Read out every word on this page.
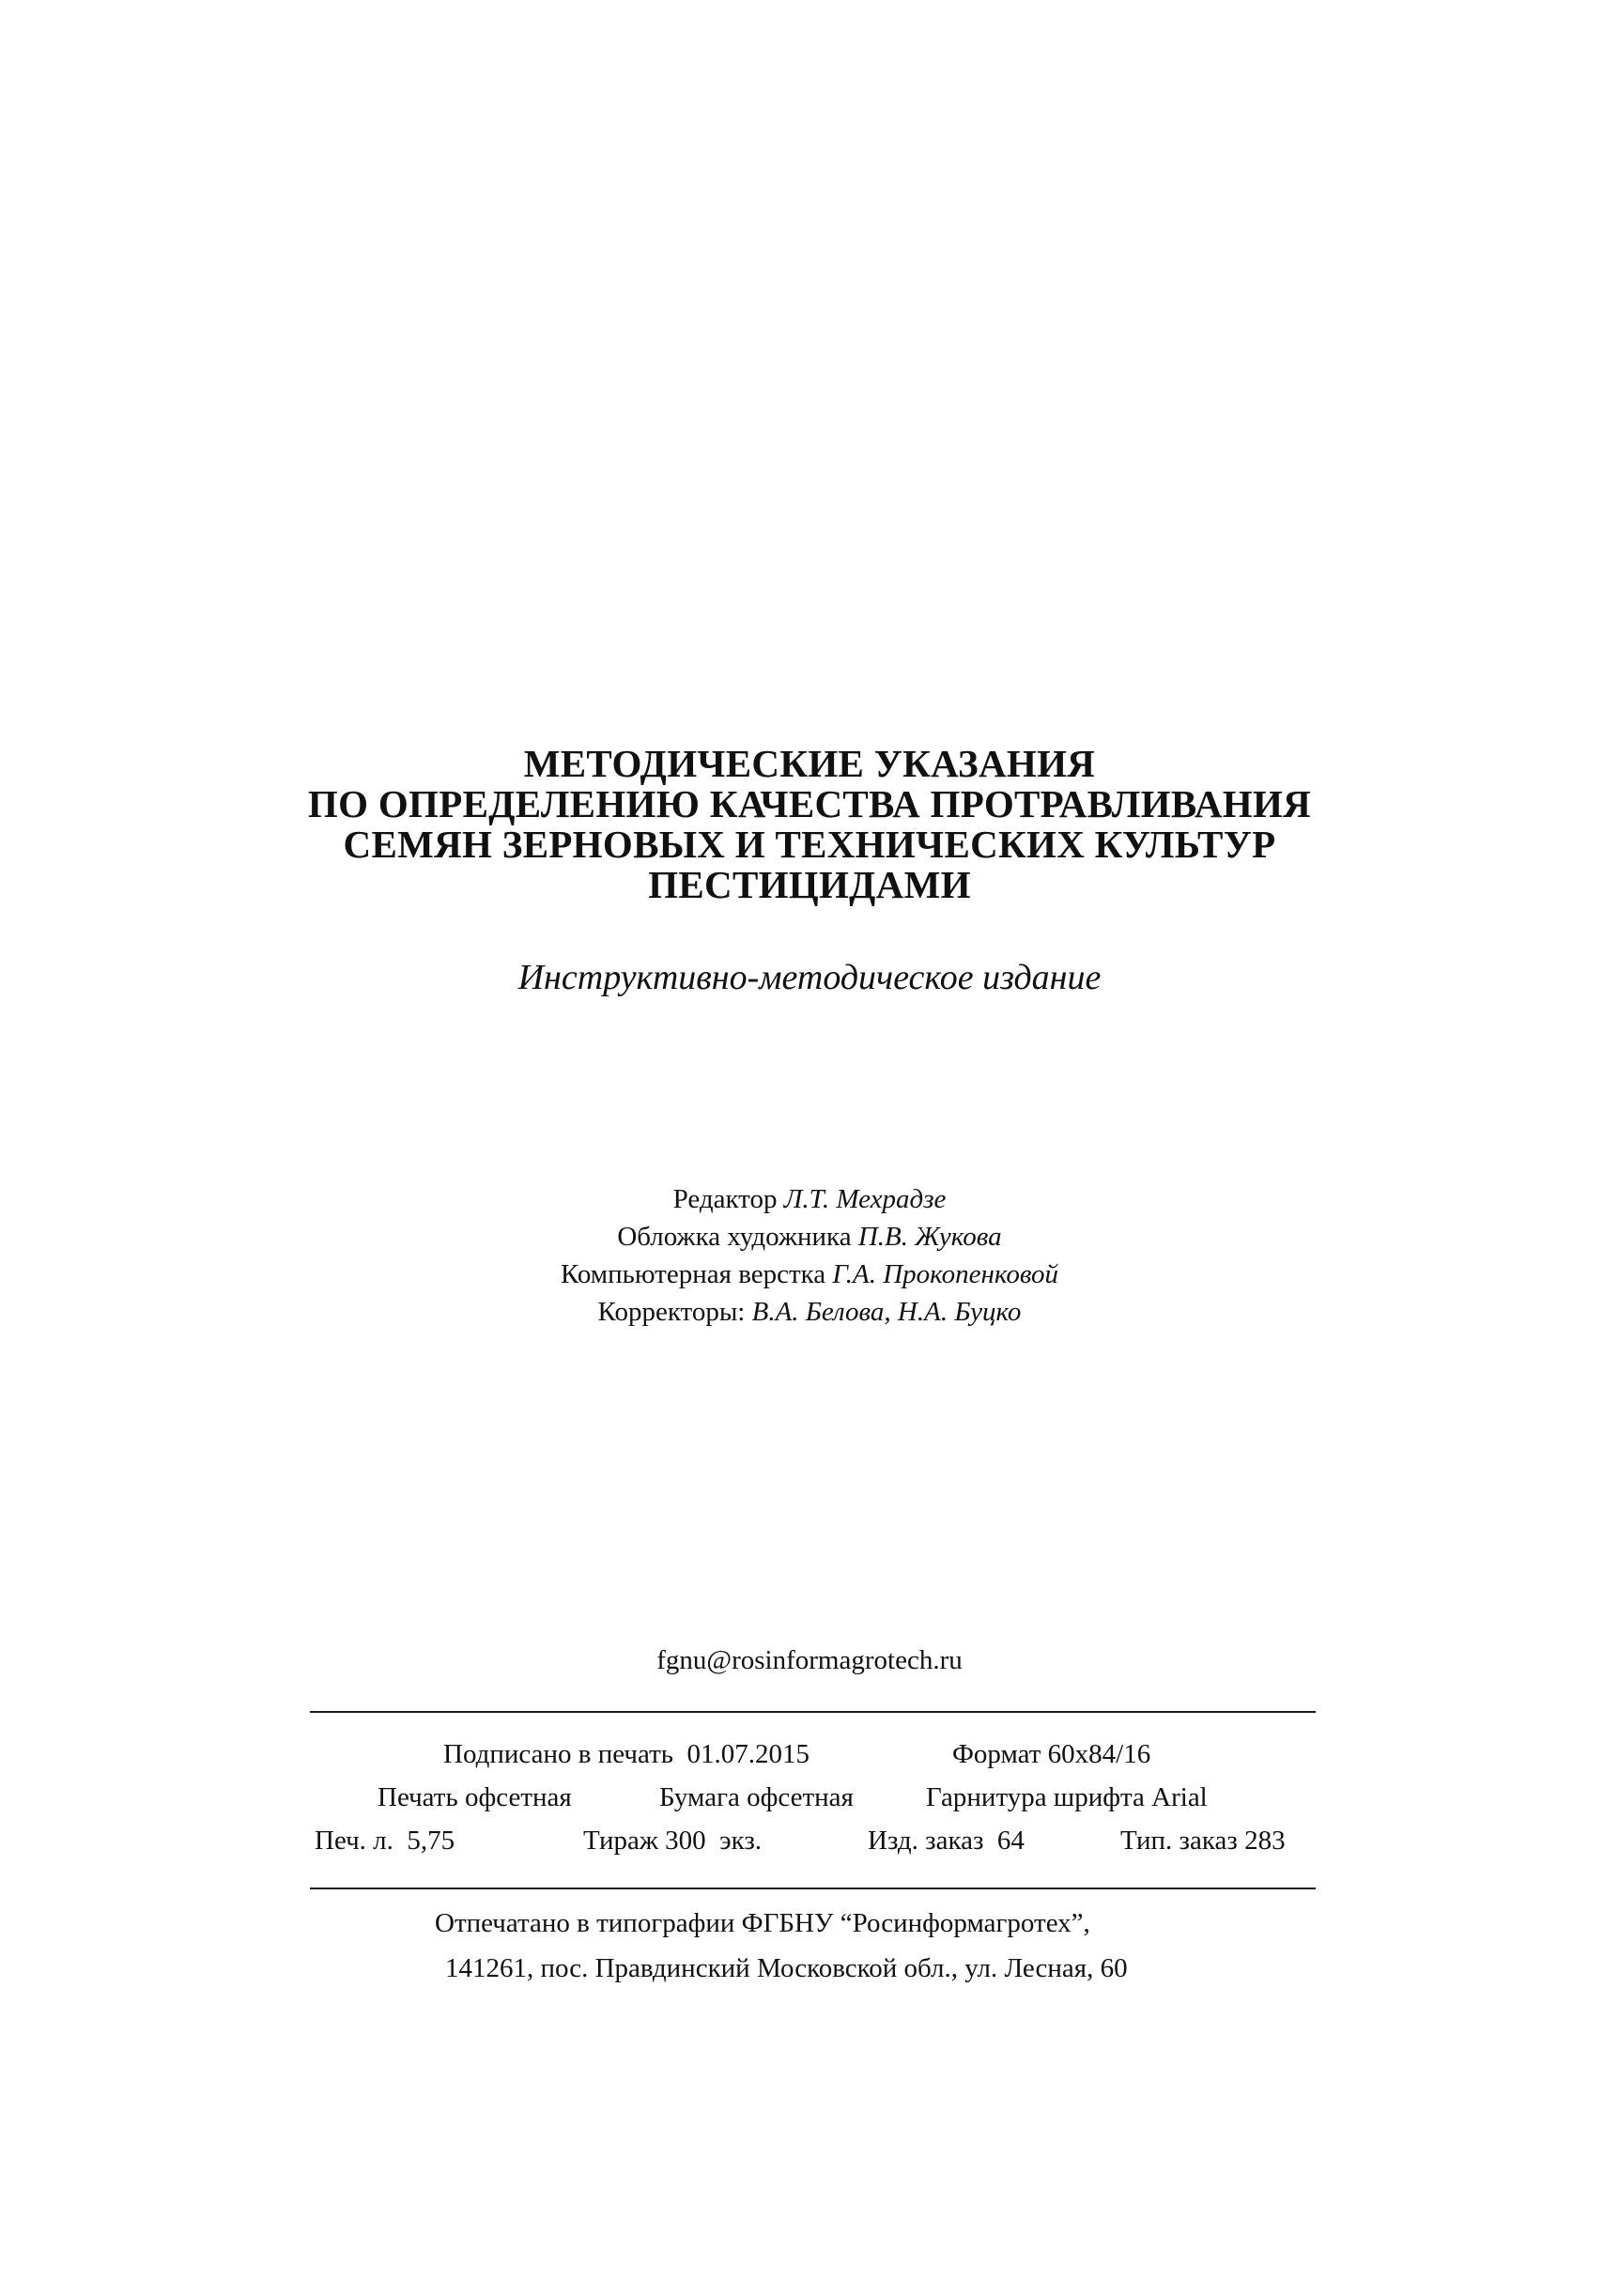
МЕТОДИЧЕСКИЕ УКАЗАНИЯ
ПО ОПРЕДЕЛЕНИЮ КАЧЕСТВА ПРОТРАВЛИВАНИЯ
СЕМЯН ЗЕРНОВЫХ И ТЕХНИЧЕСКИХ КУЛЬТУР
ПЕСТИЦИДАМИ
Инструктивно-методическое издание
Редактор Л.Т. Мехрадзе
Обложка художника П.В. Жукова
Компьютерная верстка Г.А. Прокопенковой
Корректоры: В.А. Белова, Н.А. Буцко
fgnu@rosinformagrotech.ru
Подписано в печать 01.07.2015	Формат 60х84/16
Печать офсетная	Бумага офсетная	Гарнитура шрифта Arial
Печ. л.  5,75	Тираж 300  экз.	Изд. заказ  64	Тип. заказ 283
Отпечатано в типографии ФГБНУ “Росинформагротех”,
141261, пос. Правдинский Московской обл., ул. Лесная, 60
